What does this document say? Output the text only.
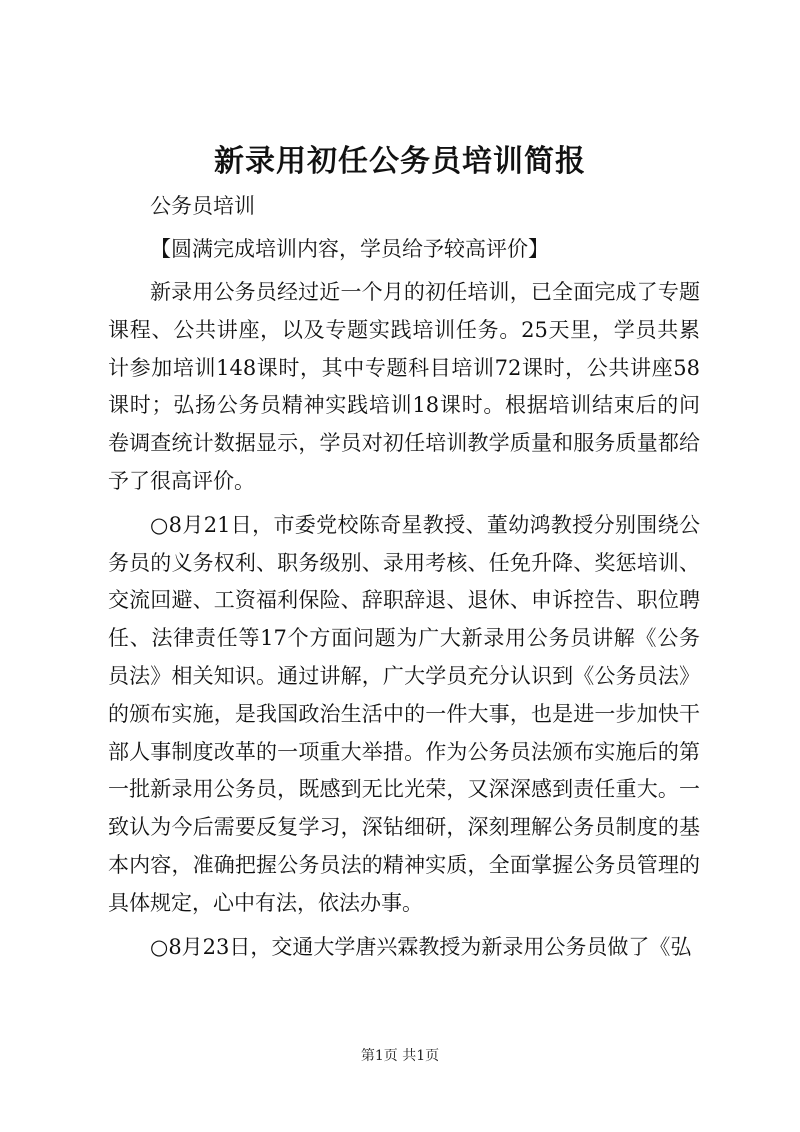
新录用初任公务员培训简报

公务员培训

【圆满完成培训内容，学员给予较高评价】

新录用公务员经过近一个月的初任培训，已全面完成了专题课程、公共讲座，以及专题实践培训任务。25天里，学员共累计参加培训148课时，其中专题科目培训72课时，公共讲座58课时；弘扬公务员精神实践培训18课时。根据培训结束后的问卷调查统计数据显示，学员对初任培训教学质量和服务质量都给予了很高评价。

○8月21日，市委党校陈奇星教授、董幼鸿教授分别围绕公务员的义务权利、职务级别、录用考核、任免升降、奖惩培训、交流回避、工资福利保险、辞职辞退、退休、申诉控告、职位聘任、法律责任等17个方面问题为广大新录用公务员讲解《公务员法》相关知识。通过讲解，广大学员充分认识到《公务员法》的颁布实施，是我国政治生活中的一件大事，也是进一步加快干部人事制度改革的一项重大举措。作为公务员法颁布实施后的第一批新录用公务员，既感到无比光荣，又深深感到责任重大。一致认为今后需要反复学习，深钻细研，深刻理解公务员制度的基本内容，准确把握公务员法的精神实质，全面掌握公务员管理的具体规定，心中有法，依法办事。

○8月23日，交通大学唐兴霖教授为新录用公务员做了《弘

第1页 共1页
